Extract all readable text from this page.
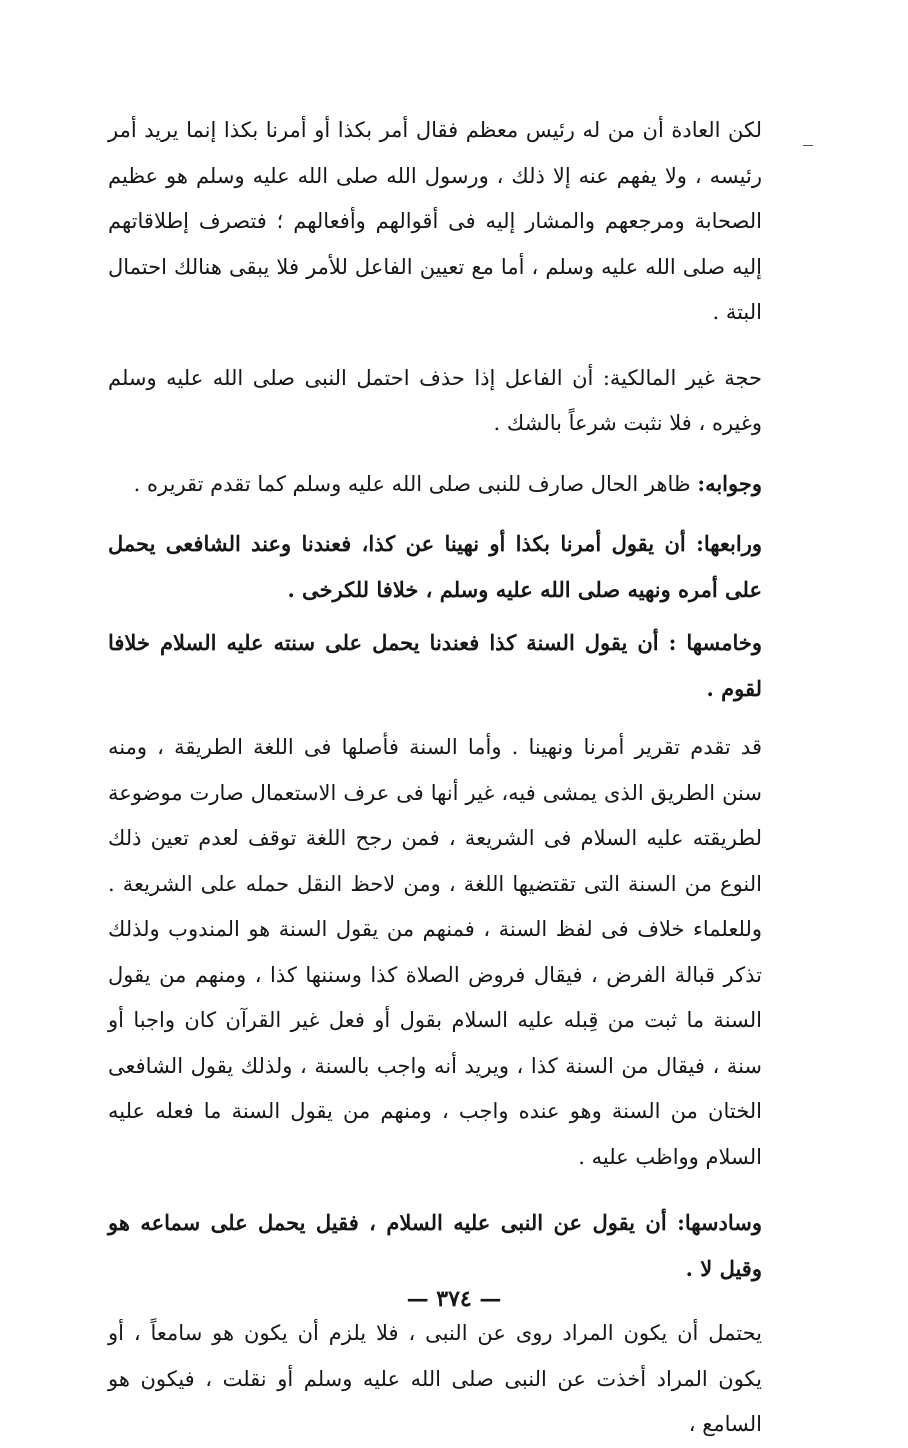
لكن العادة أن من له رئيس معظم فقال أمر بكذا أو أمرنا بكذا إنما يريد أمر رئيسه ، ولا يفهم عنه إلا ذلك ، ورسول الله صلى الله عليه وسلم هو عظيم الصحابة ومرجعهم والمشار إليه فى أقوالهم وأفعالهم ؛ فتصرف إطلاقاتهم إليه صلى الله عليه وسلم ، أما مع تعيين الفاعل للأمر فلا يبقى هنالك احتمال البتة .

حجة غير المالكية: أن الفاعل إذا حذف احتمل النبى صلى الله عليه وسلم وغيره ، فلا نثبت شرعاً بالشك .

وجوابه: ظاهر الحال صارف للنبى صلى الله عليه وسلم كما تقدم تقريره .

ورابعها: أن يقول أمرنا بكذا أو نهينا عن كذا، فعندنا وعند الشافعى يحمل على أمره ونهيه صلى الله عليه وسلم ، خلافا للكرخى .

وخامسها : أن يقول السنة كذا فعندنا يحمل على سنته عليه السلام خلافا لقوم .

قد تقدم تقرير أمرنا ونهينا . وأما السنة فأصلها فى اللغة الطريقة ، ومنه سنن الطريق الذى يمشى فيه، غير أنها فى عرف الاستعمال صارت موضوعة لطريقته عليه السلام فى الشريعة ، فمن رجح اللغة توقف لعدم تعين ذلك النوع من السنة التى تقتضيها اللغة ، ومن لاحظ النقل حمله على الشريعة . وللعلماء خلاف فى لفظ السنة ، فمنهم من يقول السنة هو المندوب ولذلك تذكر قبالة الفرض ، فيقال فروض الصلاة كذا وسننها كذا ، ومنهم من يقول السنة ما ثبت من قِبله عليه السلام بقول أو فعل غير القرآن كان واجبا أو سنة ، فيقال من السنة كذا ، ويريد أنه واجب بالسنة ، ولذلك يقول الشافعى الختان من السنة وهو عنده واجب ، ومنهم من يقول السنة ما فعله عليه السلام وواظب عليه .

وسادسها: أن يقول عن النبى عليه السلام ، فقيل يحمل على سماعه هو وقيل لا .

يحتمل أن يكون المراد روى عن النبى ، فلا يلزم أن يكون هو سامعاً ، أو يكون المراد أخذت عن النبى صلى الله عليه وسلم أو نقلت ، فيكون هو السامع ،

— ٣٧٤ —
